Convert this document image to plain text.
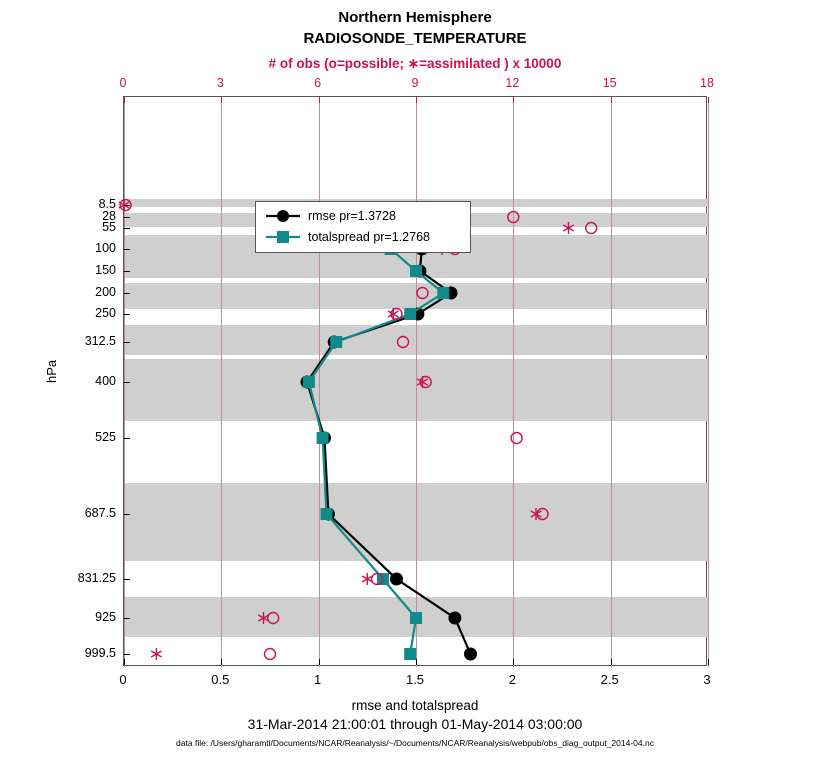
Northern Hemisphere
RADIOSONDE_TEMPERATURE
# of obs (o=possible; ∗=assimilated ) x 10000
0	3	6	9	12	15	18
rmse pr=1.3728
totalspread pr=1.2768
8.5
28
55
100
150
200
250
312.5
400
525
687.5
831.25
925
999.5
0	0.5	1	1.5	2	2.5	3
hPa
rmse and totalspread
31-Mar-2014 21:00:01 through 01-May-2014 03:00:00
data file: /Users/gharamti/Documents/NCAR/Reanalysis/~/Documents/NCAR/Reanalysis/webpub/obs_diag_output_2014-04.nc
